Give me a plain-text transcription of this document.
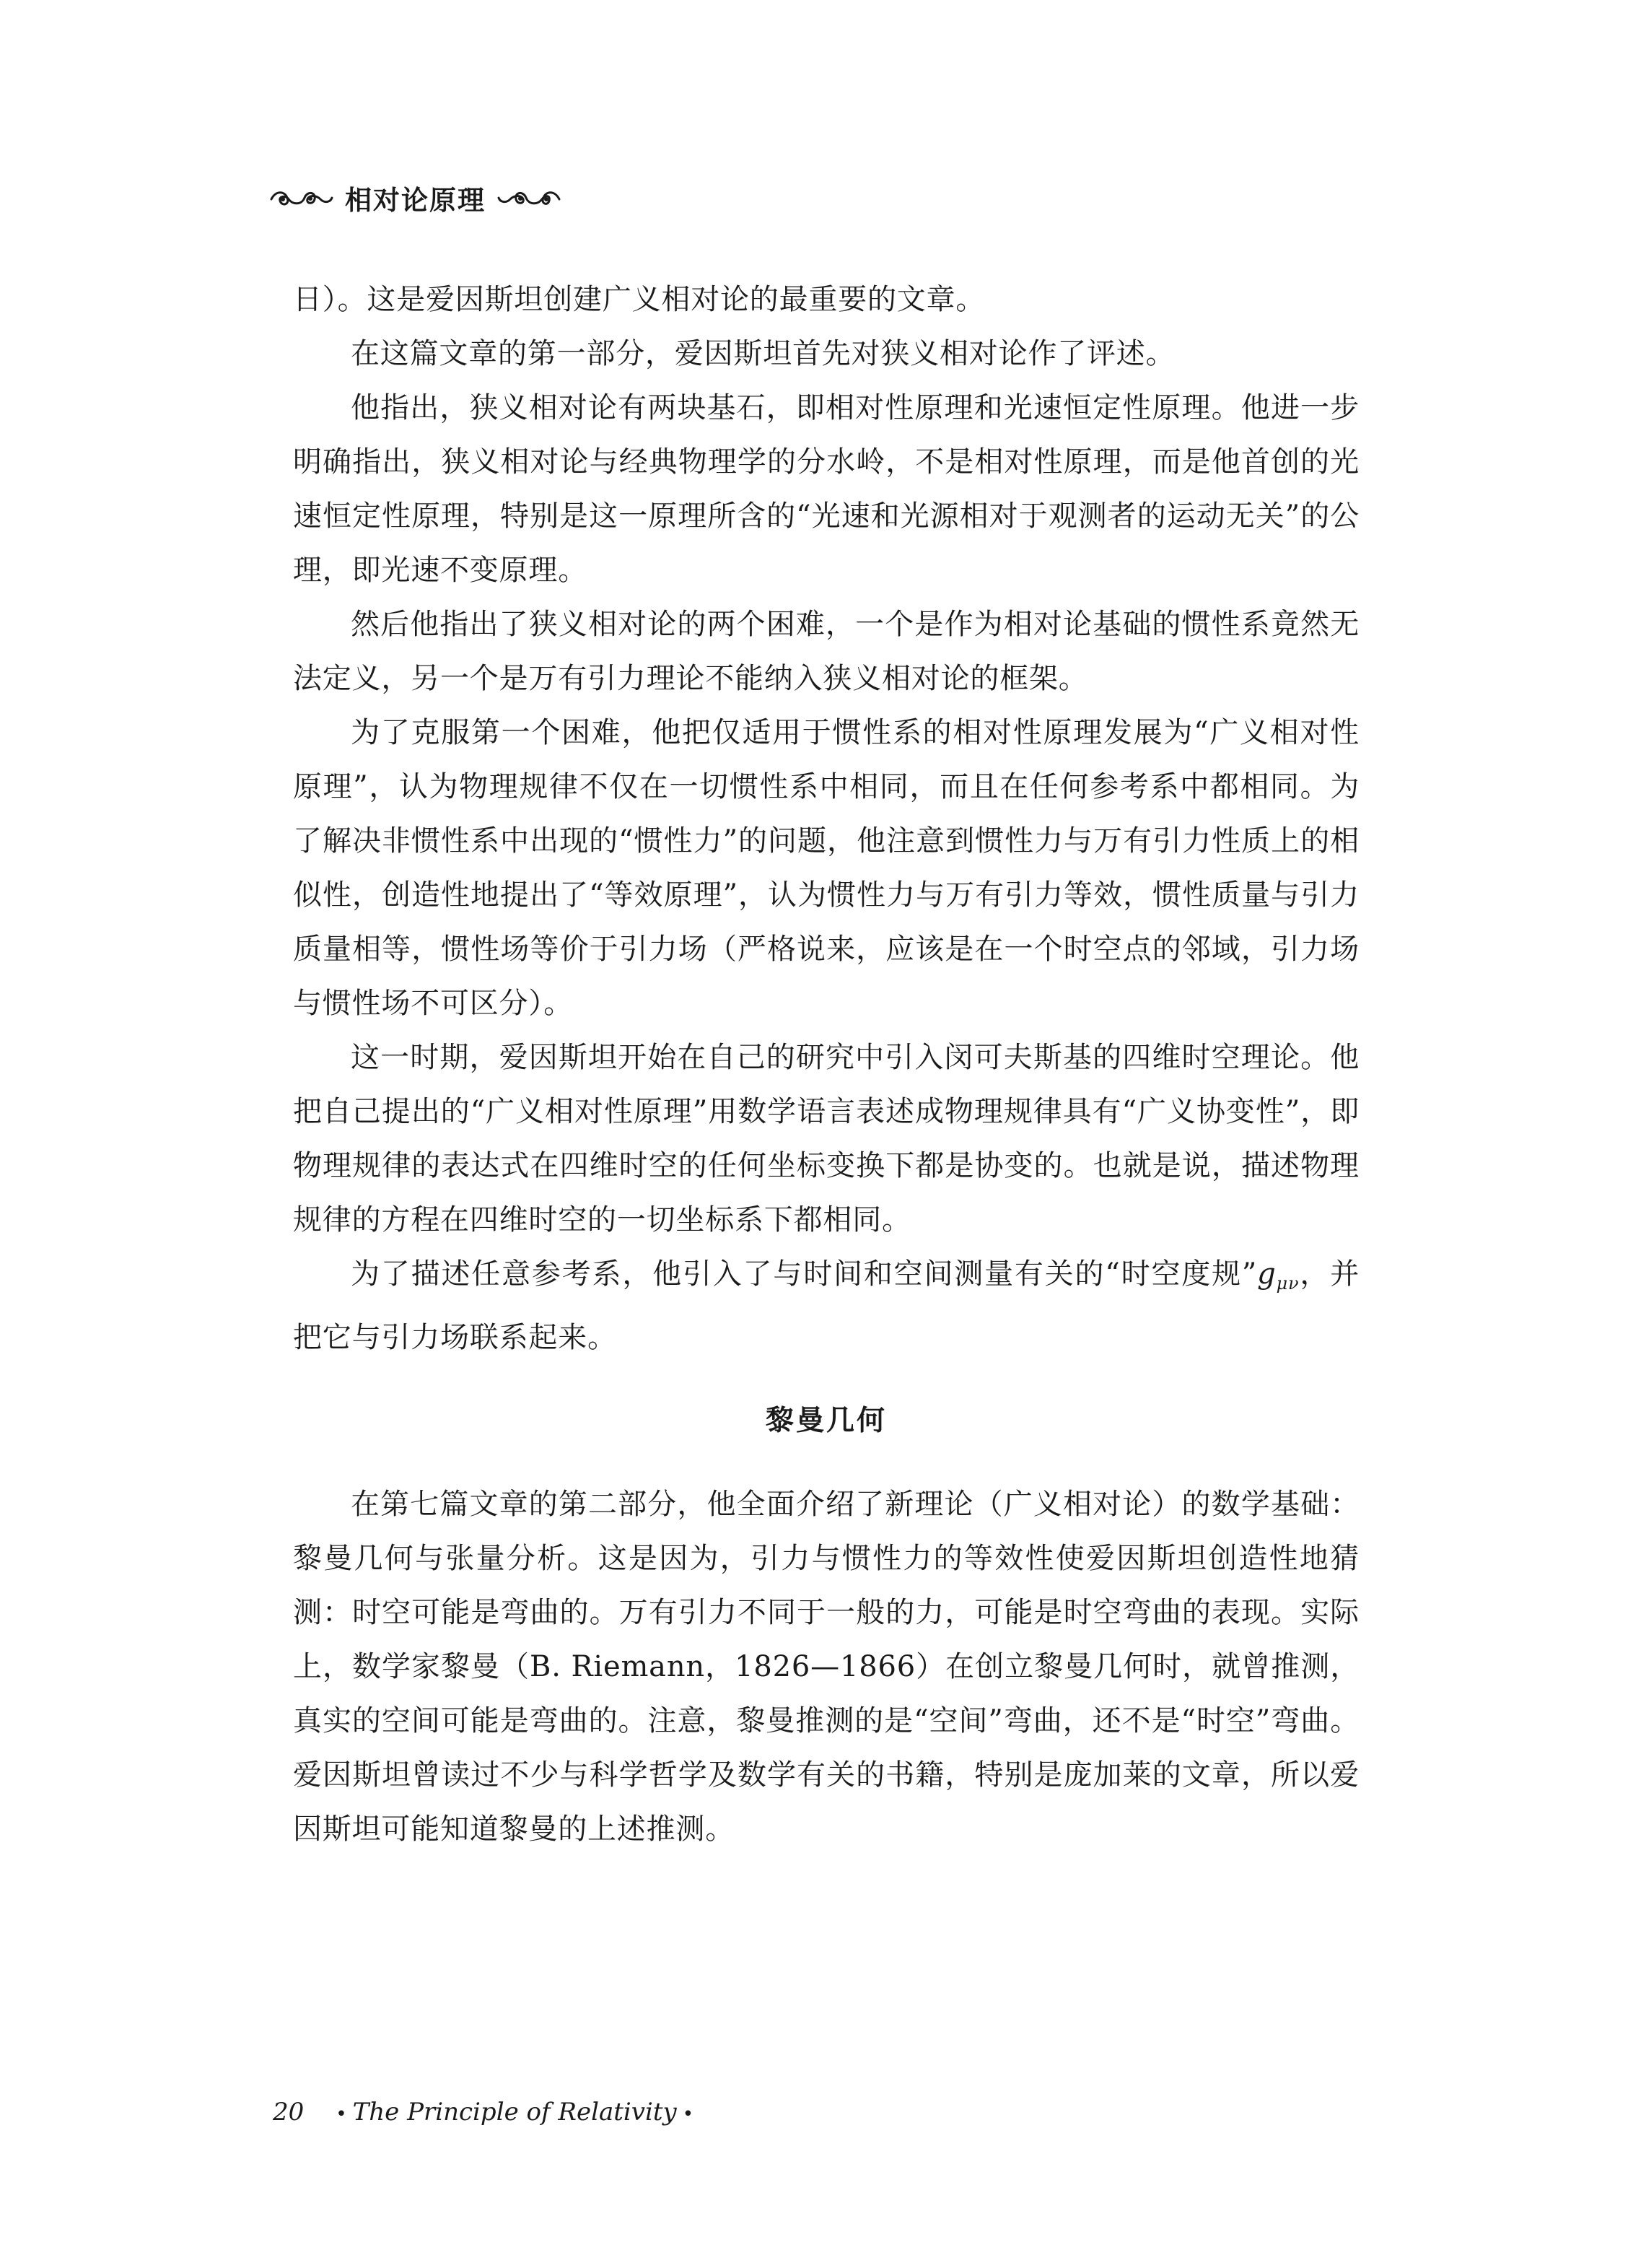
相对论原理

日）。这是爱因斯坦创建广义相对论的最重要的文章。

在这篇文章的第一部分，爱因斯坦首先对狭义相对论作了评述。

他指出，狭义相对论有两块基石，即相对性原理和光速恒定性原理。他进一步明确指出，狭义相对论与经典物理学的分水岭，不是相对性原理，而是他首创的光速恒定性原理，特别是这一原理所含的“光速和光源相对于观测者的运动无关”的公理，即光速不变原理。

然后他指出了狭义相对论的两个困难，一个是作为相对论基础的惯性系竟然无法定义，另一个是万有引力理论不能纳入狭义相对论的框架。

为了克服第一个困难，他把仅适用于惯性系的相对性原理发展为“广义相对性原理”，认为物理规律不仅在一切惯性系中相同，而且在任何参考系中都相同。为了解决非惯性系中出现的“惯性力”的问题，他注意到惯性力与万有引力性质上的相似性，创造性地提出了“等效原理”，认为惯性力与万有引力等效，惯性质量与引力质量相等，惯性场等价于引力场（严格说来，应该是在一个时空点的邻域，引力场与惯性场不可区分）。

这一时期，爱因斯坦开始在自己的研究中引入闵可夫斯基的四维时空理论。他把自己提出的“广义相对性原理”用数学语言表述成物理规律具有“广义协变性”，即物理规律的表达式在四维时空的任何坐标变换下都是协变的。也就是说，描述物理规律的方程在四维时空的一切坐标系下都相同。

为了描述任意参考系，他引入了与时间和空间测量有关的“时空度规$”g_{\mu\nu}$，并把它与引力场联系起来。

黎曼几何

在第七篇文章的第二部分，他全面介绍了新理论（广义相对论）的数学基础：黎曼几何与张量分析。这是因为，引力与惯性力的等效性使爱因斯坦创造性地猜测：时空可能是弯曲的。万有引力不同于一般的力，可能是时空弯曲的表现。实际上，数学家黎曼（B. Riemann，1826—1866）在创立黎曼几何时，就曾推测，真实的空间可能是弯曲的。注意，黎曼推测的是“空间”弯曲，还不是“时空”弯曲。爱因斯坦曾读过不少与科学哲学及数学有关的书籍，特别是庞加莱的文章，所以爱因斯坦可能知道黎曼的上述推测。

20 • The Principle of Relativity •
